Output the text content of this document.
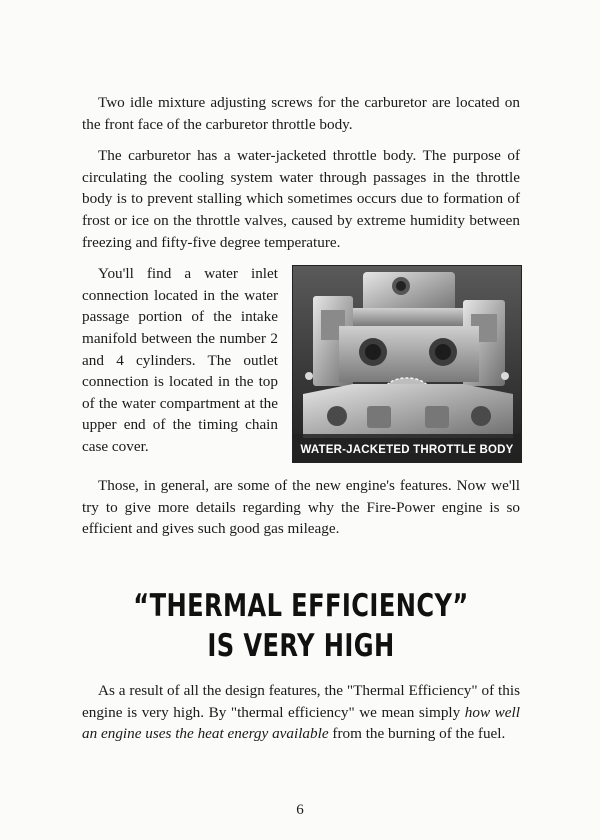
Two idle mixture adjusting screws for the carburetor are located on the front face of the carburetor throttle body.

The carburetor has a water-jacketed throttle body. The purpose of circulating the cooling system water through passages in the throttle body is to prevent stalling which sometimes occurs due to formation of frost or ice on the throttle valves, caused by extreme humidity between freezing and fifty-five degree temperature.

You'll find a water inlet connection located in the water passage portion of the intake manifold between the number 2 and 4 cylinders. The outlet connection is located in the top of the water compartment at the upper end of the timing chain case cover.	WATER-JACKETED THROTTLE BODY

Those, in general, are some of the new engine's features. Now we'll try to give more details regarding why the Fire-Power engine is so efficient and gives such good gas mileage.

“THERMAL EFFICIENCY”
IS VERY HIGH

As a result of all the design features, the "Thermal Efficiency" of this engine is very high. By "thermal efficiency" we mean simply how well an engine uses the heat energy available from the burning of the fuel.

6
